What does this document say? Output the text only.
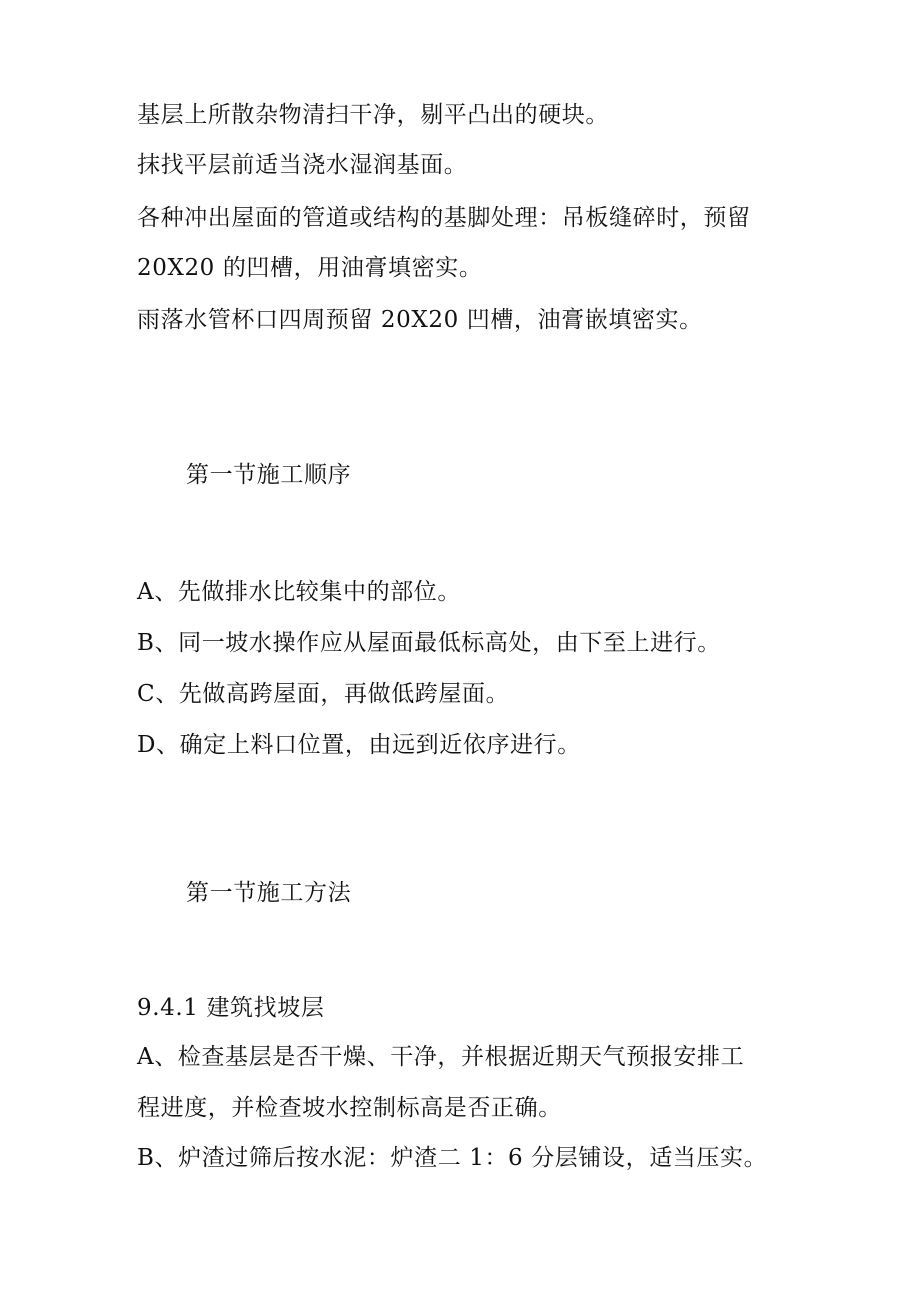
基层上所散杂物清扫干净，剔平凸出的硬块。
抹找平层前适当浇水湿润基面。
各种冲出屋面的管道或结构的基脚处理：吊板缝碎时，预留
20X20 的凹槽，用油膏填密实。
雨落水管杯口四周预留 20X20 凹槽，油膏嵌填密实。
第一节施工顺序
A、先做排水比较集中的部位。
B、同一坡水操作应从屋面最低标高处，由下至上进行。
C、先做高跨屋面，再做低跨屋面。
D、确定上料口位置，由远到近依序进行。
第一节施工方法
9.4.1 建筑找坡层
A、检查基层是否干燥、干净，并根据近期天气预报安排工
程进度，并检查坡水控制标高是否正确。
B、炉渣过筛后按水泥：炉渣二 1：6 分层铺设，适当压实。
